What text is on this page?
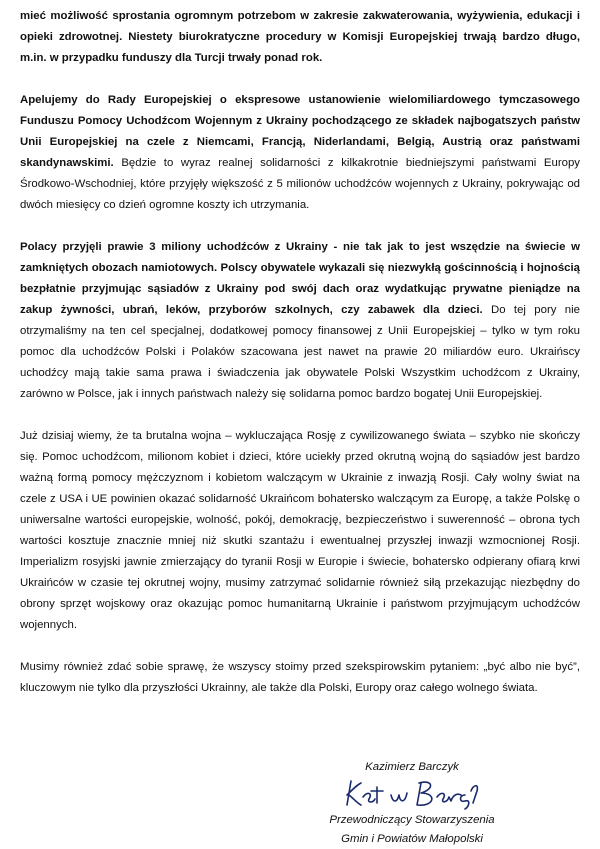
mieć możliwość sprostania ogromnym potrzebom w zakresie zakwaterowania, wyżywienia, edukacji i opieki zdrowotnej. Niestety biurokratyczne procedury w Komisji Europejskiej trwają bardzo długo, m.in. w przypadku funduszy dla Turcji trwały ponad rok.

Apelujemy do Rady Europejskiej o ekspresowe ustanowienie wielomiliardowego tymczasowego Funduszu Pomocy Uchodźcom Wojennym z Ukrainy pochodzącego ze składek najbogatszych państw Unii Europejskiej na czele z Niemcami, Francją, Niderlandami, Belgią, Austrią oraz państwami skandynawskimi. Będzie to wyraz realnej solidarności z kilkakrotnie biedniejszymi państwami Europy Środkowo-Wschodniej, które przyjęły większość z 5 milionów uchodźców wojennych z Ukrainy, pokrywając od dwóch miesięcy co dzień ogromne koszty ich utrzymania.

Polacy przyjęli prawie 3 miliony uchodźców z Ukrainy - nie tak jak to jest wszędzie na świecie w zamkniętych obozach namiotowych. Polscy obywatele wykazali się niezwykłą gościnnością i hojnością bezpłatnie przyjmując sąsiadów z Ukrainy pod swój dach oraz wydatkując prywatne pieniądze na zakup żywności, ubrań, leków, przyborów szkolnych, czy zabawek dla dzieci. Do tej pory nie otrzymaliśmy na ten cel specjalnej, dodatkowej pomocy finansowej z Unii Europejskiej – tylko w tym roku pomoc dla uchodźców Polski i Polaków szacowana jest nawet na prawie 20 miliardów euro. Ukraińscy uchodźcy mają takie sama prawa i świadczenia jak obywatele Polski Wszystkim uchodźcom z Ukrainy, zarówno w Polsce, jak i innych państwach należy się solidarna pomoc bardzo bogatej Unii Europejskiej.

Już dzisiaj wiemy, że ta brutalna wojna – wykluczająca Rosję z cywilizowanego świata – szybko nie skończy się. Pomoc uchodźcom, milionom kobiet i dzieci, które uciekły przed okrutną wojną do sąsiadów jest bardzo ważną formą pomocy mężczyznom i kobietom walczącym w Ukrainie z inwazją Rosji. Cały wolny świat na czele z USA i UE powinien okazać solidarność Ukraińcom bohatersko walczącym za Europę, a także Polskę o uniwersalne wartości europejskie, wolność, pokój, demokrację, bezpieczeństwo i suwerenność – obrona tych wartości kosztuje znacznie mniej niż skutki szantażu i ewentualnej przyszłej inwazji wzmocnionej Rosji. Imperializm rosyjski jawnie zmierzający do tyranii Rosji w Europie i świecie, bohatersko odpierany ofiarą krwi Ukraińców w czasie tej okrutnej wojny, musimy zatrzymać solidarnie również siłą przekazując niezbędny do obrony sprzęt wojskowy oraz okazując pomoc humanitarną Ukrainie i państwom przyjmującym uchodźców wojennych.

Musimy również zdać sobie sprawę, że wszyscy stoimy przed szekspirowskim pytaniem: „być albo nie być”, kluczowym nie tylko dla przyszłości Ukrainny, ale także dla Polski, Europy oraz całego wolnego świata.

Kazimierz Barczyk
Przewodniczący Stowarzyszenia
Gmin i Powiatów Małopolski
